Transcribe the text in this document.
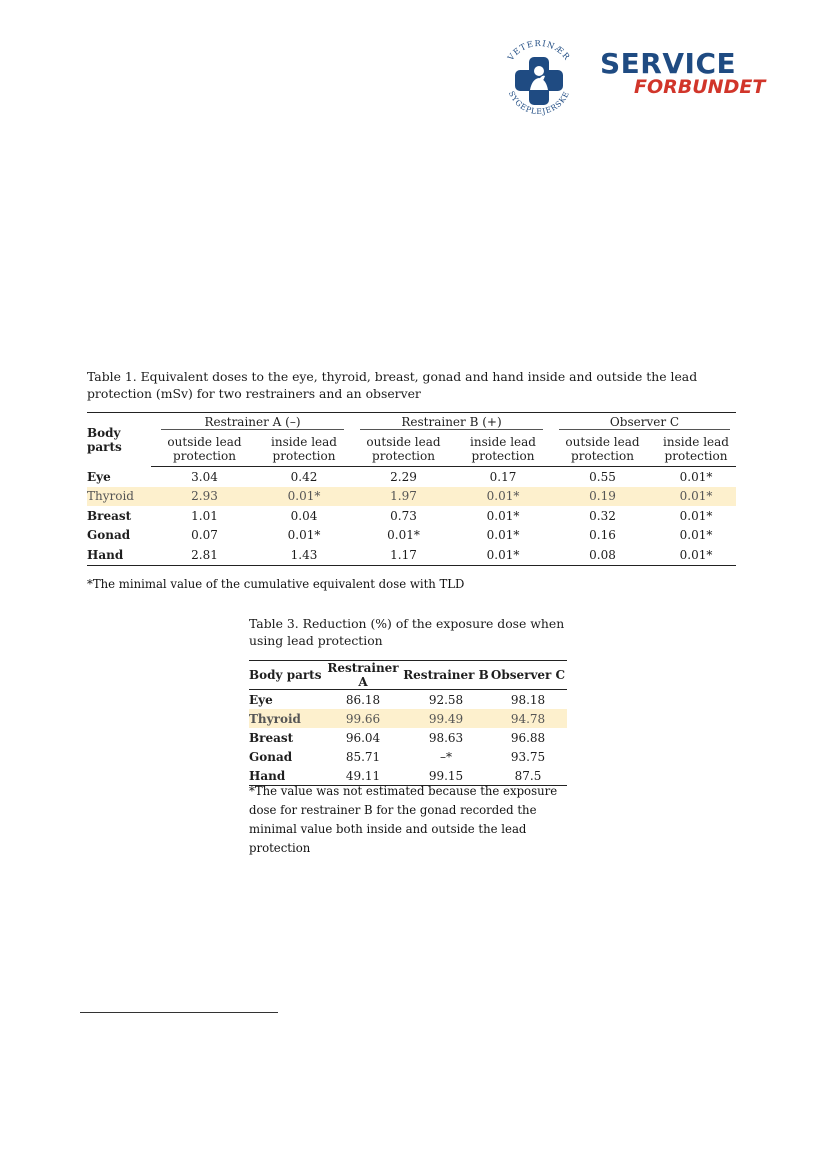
VETERINÆR
SYGEPLEJERSKE
SERVICE
FORBUNDET
Table 1. Equivalent doses to the eye, thyroid, breast, gonad and hand inside and outside the lead protection (mSv) for two restrainers and an observer
Body parts	Restrainer A (–)		Restrainer B (+)		Observer C	

	outside lead protection	inside lead protection	outside lead protection	inside lead protection	outside lead protection	inside lead protection
Eye	3.04	0.42	2.29	0.17	0.55	0.01*
Thyroid	2.93	0.01*	1.97	0.01*	0.19	0.01*
Breast	1.01	0.04	0.73	0.01*	0.32	0.01*
Gonad	0.07	0.01*	0.01*	0.01*	0.16	0.01*
Hand	2.81	1.43	1.17	0.01*	0.08	0.01*
*The minimal value of the cumulative equivalent dose with TLD
Table 3. Reduction (%) of the exposure dose when using lead protection
Body parts	Restrainer A	Restrainer B	Observer C
Eye	86.18	92.58	98.18
Thyroid	99.66	99.49	94.78
Breast	96.04	98.63	96.88
Gonad	85.71	–*	93.75
Hand	49.11	99.15	87.5
*The value was not estimated because the exposure dose for restrainer B for the gonad recorded the minimal value both inside and outside the lead protection
